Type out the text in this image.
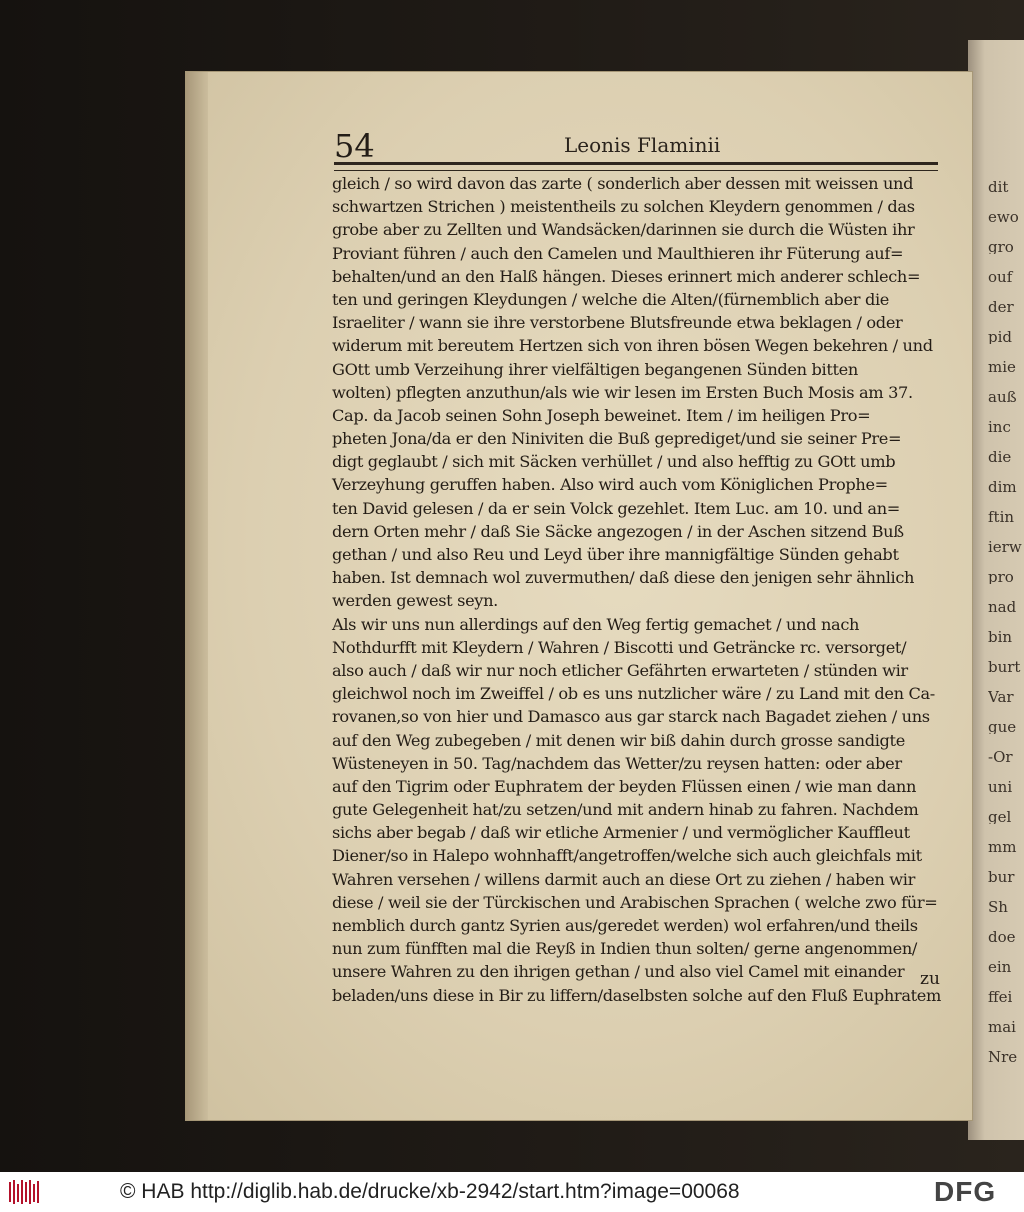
dit
ewo
gro
ouf
der
pid
mie
auß
inc
die
dim
ftin
ierw
pro
nad
bin
burt
Var
gue
-Or
uni
gel
mm
bur
Sh
doe
ein
ffei
mai
Nre
54	Leonis Flaminii
gleich / so wird davon das zarte ( sonderlich aber dessen mit weissen und
schwartzen Strichen ) meistentheils zu solchen Kleydern genommen / das
grobe aber zu Zellten und Wandsäcken/darinnen sie durch die Wüsten ihr
Proviant führen / auch den Camelen und Maulthieren ihr Füterung auf=
behalten/und an den Halß hängen. Dieses erinnert mich anderer schlech=
ten und geringen Kleydungen / welche die Alten/(fürnemblich aber die
Israeliter / wann sie ihre verstorbene Blutsfreunde etwa beklagen / oder
widerum mit bereutem Hertzen sich von ihren bösen Wegen bekehren / und
GOtt umb Verzeihung ihrer vielfältigen begangenen Sünden bitten
wolten) pflegten anzuthun/als wie wir lesen im Ersten Buch Mosis am 37.
Cap. da Jacob seinen Sohn Joseph beweinet. Item / im heiligen Pro=
pheten Jona/da er den Niniviten die Buß geprediget/und sie seiner Pre=
digt geglaubt / sich mit Säcken verhüllet / und also hefftig zu GOtt umb
Verzeyhung geruffen haben. Also wird auch vom Königlichen Prophe=
ten David gelesen / da er sein Volck gezehlet. Item Luc. am 10. und an=
dern Orten mehr / daß Sie Säcke angezogen / in der Aschen sitzend Buß
gethan / und also Reu und Leyd über ihre mannigfältige Sünden gehabt
haben. Ist demnach wol zuvermuthen/ daß diese den jenigen sehr ähnlich
werden gewest seyn.
Als wir uns nun allerdings auf den Weg fertig gemachet / und nach
Nothdurfft mit Kleydern / Wahren / Biscotti und Geträncke rc. versorget/
also auch / daß wir nur noch etlicher Gefährten erwarteten / stünden wir
gleichwol noch im Zweiffel / ob es uns nutzlicher wäre / zu Land mit den Ca-
rovanen,so von hier und Damasco aus gar starck nach Bagadet ziehen / uns
auf den Weg zubegeben / mit denen wir biß dahin durch grosse sandigte
Wüsteneyen in 50. Tag/nachdem das Wetter/zu reysen hatten: oder aber
auf den Tigrim oder Euphratem der beyden Flüssen einen / wie man dann
gute Gelegenheit hat/zu setzen/und mit andern hinab zu fahren. Nachdem
sichs aber begab / daß wir etliche Armenier / und vermöglicher Kauffleut
Diener/so in Halepo wohnhafft/angetroffen/welche sich auch gleichfals mit
Wahren versehen / willens darmit auch an diese Ort zu ziehen / haben wir
diese / weil sie der Türckischen und Arabischen Sprachen ( welche zwo für=
nemblich durch gantz Syrien aus/geredet werden) wol erfahren/und theils
nun zum fünfften mal die Reyß in Indien thun solten/ gerne angenommen/
unsere Wahren zu den ihrigen gethan / und also viel Camel mit einander
beladen/uns diese in Bir zu liffern/daselbsten solche auf den Fluß Euphratem
zu
© HAB http://diglib.hab.de/drucke/xb-2942/start.htm?image=00068	DFG
